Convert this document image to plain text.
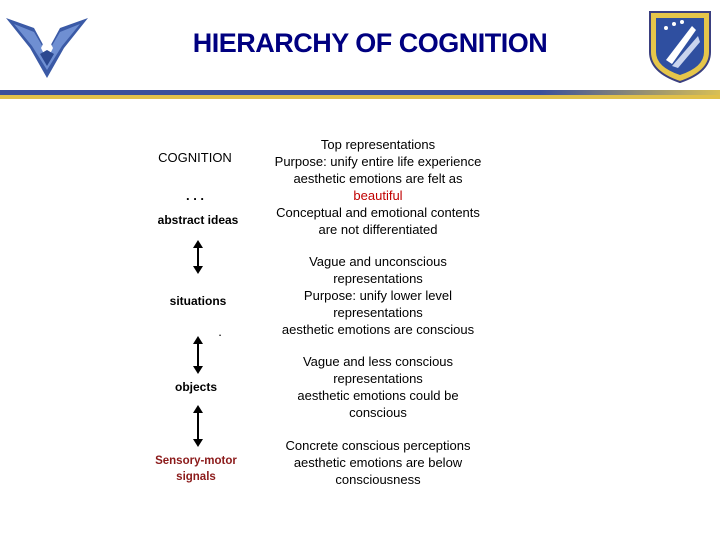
HIERARCHY OF COGNITION
COGNITION
. . .
abstract ideas
situations
.
objects
Sensory-motor
signals
Top representations
Purpose: unify entire life experience
aesthetic emotions are felt as
beautiful
Conceptual and emotional contents
are not differentiated
Vague and unconscious
representations
Purpose: unify lower level
representations
aesthetic emotions are conscious
Vague and less conscious
representations
aesthetic emotions could be
conscious
Concrete conscious perceptions
aesthetic emotions are below
consciousness
